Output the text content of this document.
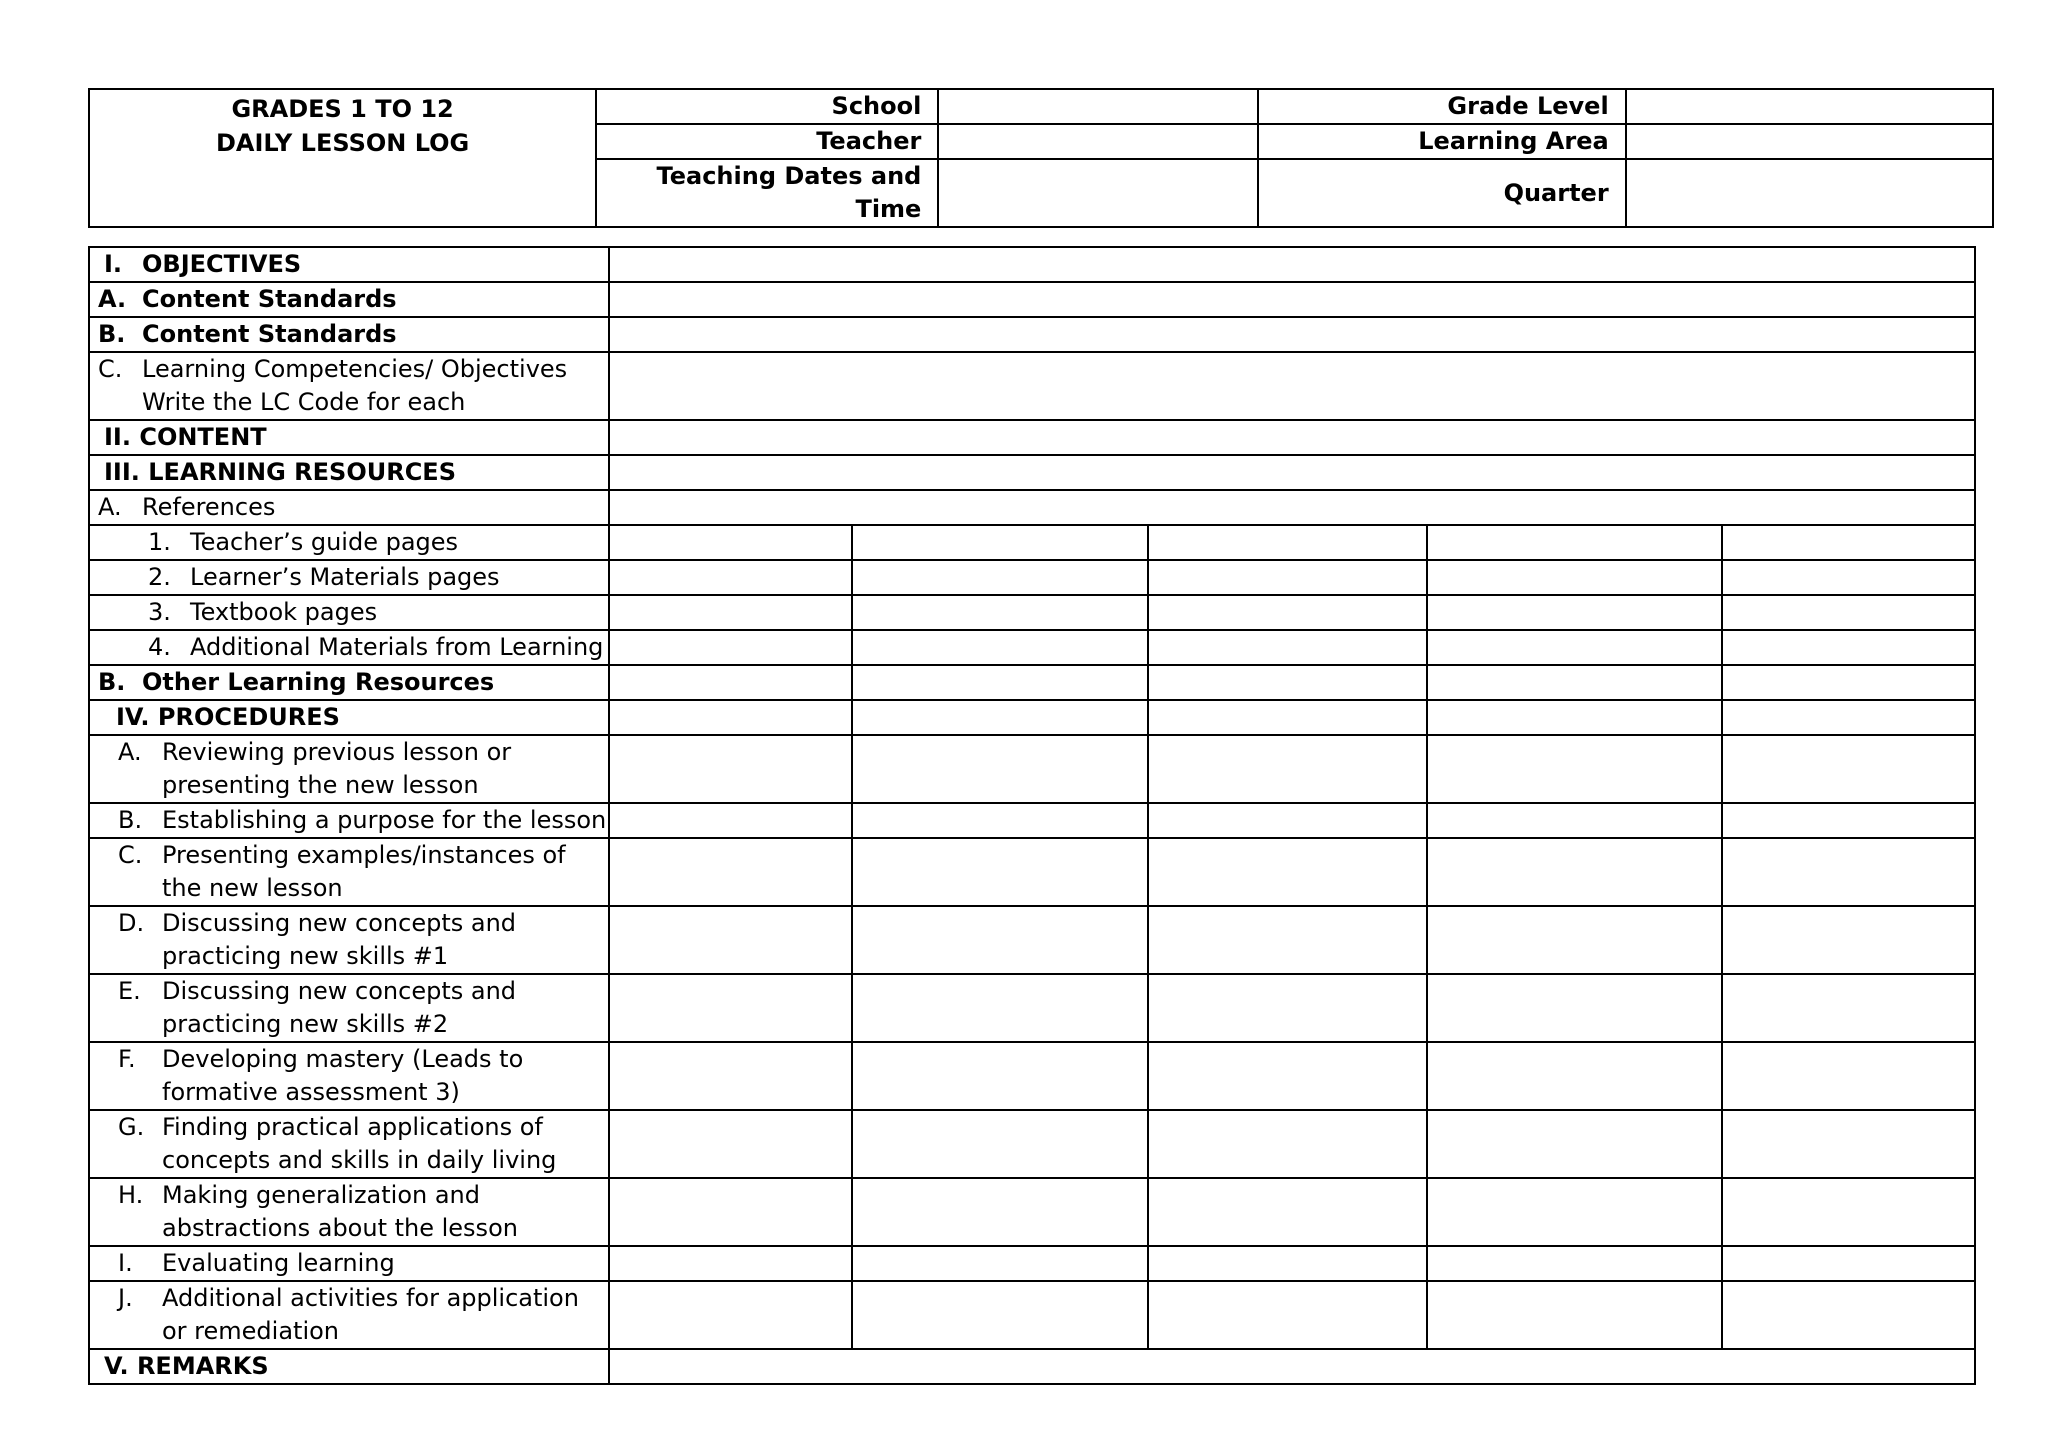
GRADES 1 TO 12
DAILY LESSON LOG	School		Grade Level	
	Teacher		Learning Area	
	Teaching Dates and Time		Quarter	
I. OBJECTIVES					

A. Content Standards					

B. Content Standards					

C. Learning Competencies/ Objectives Write the LC Code for each					

II. CONTENT					

III. LEARNING RESOURCES					

A. References					

1. Teacher’s guide pages					

2. Learner’s Materials pages					

3. Textbook pages					

4. Additional Materials from Learning					

B. Other Learning Resources					

IV. PROCEDURES					

A. Reviewing previous lesson or presenting the new lesson					

B. Establishing a purpose for the lesson					

C. Presenting examples/instances of the new lesson					

D. Discussing new concepts and practicing new skills #1					

E. Discussing new concepts and practicing new skills #2					

F. Developing mastery (Leads to formative assessment 3)					

G. Finding practical applications of concepts and skills in daily living					

H. Making generalization and abstractions about the lesson					

I. Evaluating learning					

J. Additional activities for application or remediation					

V. REMARKS					
